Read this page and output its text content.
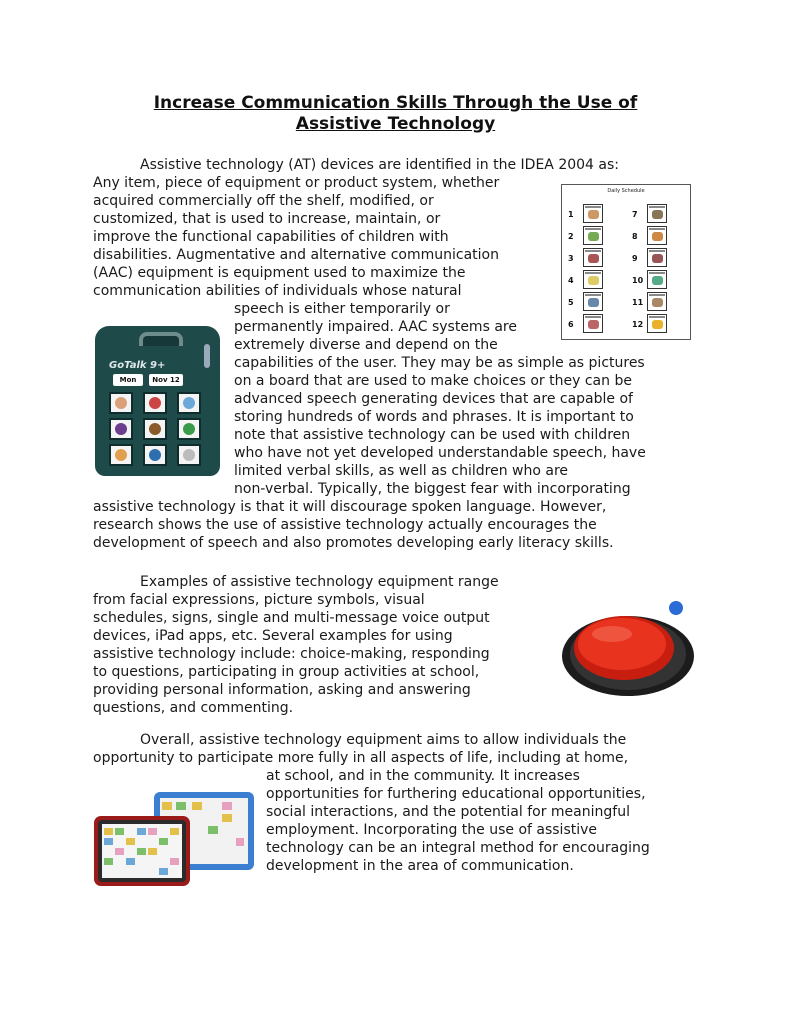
Increase Communication Skills Through the Use of
Assistive Technology

Assistive technology (AT) devices are identified in the IDEA 2004 as:

Any item, piece of equipment or product system, whether

acquired commercially off the shelf, modified, or

customized, that is used to increase, maintain, or

improve the functional capabilities of children with

disabilities. Augmentative and alternative communication

(AAC) equipment is equipment used to maximize the

communication abilities of individuals whose natural

speech is either temporarily or

permanently impaired. AAC systems are

extremely diverse and depend on the

capabilities of the user. They may be as simple as pictures

on a board that are used to make choices or they can be

advanced speech generating devices that are capable of

storing hundreds of words and phrases. It is important to

note that assistive technology can be used with children

who have not yet developed understandable speech, have

limited verbal skills, as well as children who are

non-verbal. Typically, the biggest fear with incorporating

assistive technology is that it will discourage spoken language. However,

research shows the use of assistive technology actually encourages the

development of speech and also promotes developing early literacy skills.

Examples of assistive technology equipment range

from facial expressions, picture symbols, visual

schedules, signs, single and multi-message voice output

devices, iPad apps, etc. Several examples for using

assistive technology include: choice-making, responding

to questions, participating in group activities at school,

providing personal information, asking and answering

questions, and commenting.

Overall, assistive technology equipment aims to allow individuals the

opportunity to participate more fully in all aspects of life, including at home,

at school, and in the community. It increases

opportunities for furthering educational opportunities,

social interactions, and the potential for meaningful

employment. Incorporating the use of assistive

technology can be an integral method for encouraging

development in the area of communication.

Daily Schedule
1
2
3
4
5
6
7
8
9
10
11
12
GoTalk 9+
Mon	Nov 12
